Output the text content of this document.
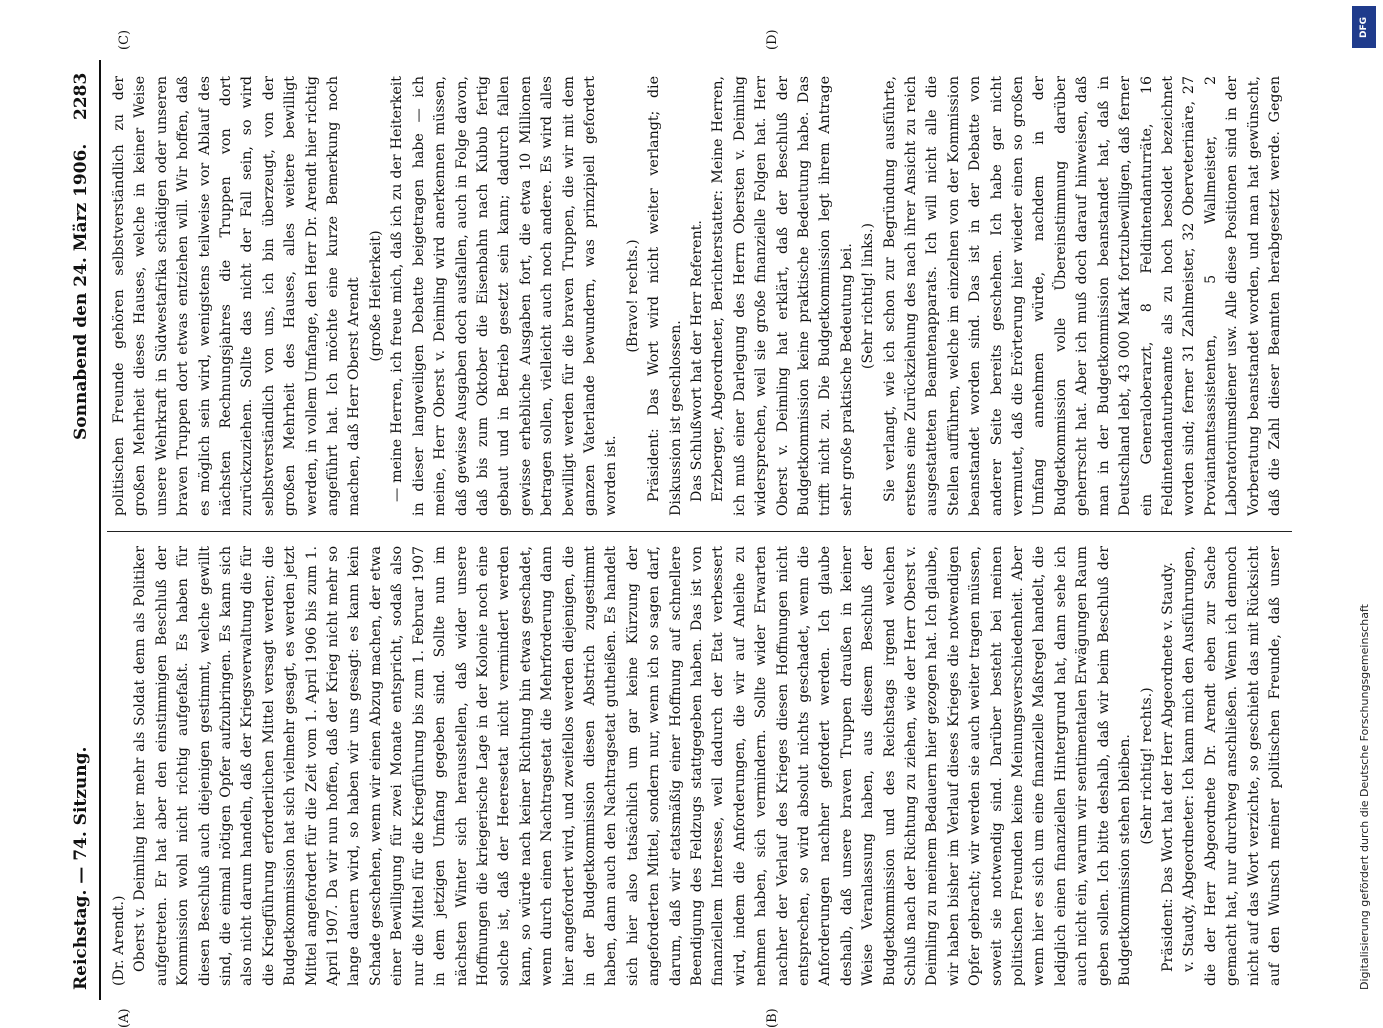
Reichstag. — 74. Sitzung.
Sonnabend den 24. März 1906.
2283
(A)	(B)
(C)	(D)

(Dr. Arendt.) Oberst v. Deimling hier mehr als Soldat denn als Politiker aufgetreten. Er hat aber den einstimmigen Beschluß der Kommission wohl nicht richtig aufgefaßt. Es haben für diesen Beschluß auch diejenigen gestimmt, welche gewillt sind, die einmal nötigen Opfer aufzubringen. Es kann sich also nicht darum handeln, daß der Kriegsverwaltung die für die Kriegführung erforderlichen Mittel versagt werden; die Budgetkommission hat sich vielmehr gesagt, es werden jetzt Mittel angefordert für die Zeit vom 1. April 1906 bis zum 1. April 1907. Da wir nun hoffen, daß der Krieg nicht mehr so lange dauern wird, so haben wir uns gesagt: es kann kein Schade geschehen, wenn wir einen Abzug machen, der etwa einer Bewilligung für zwei Monate entspricht, sodaß also nur die Mittel für die Kriegführung bis zum 1. Februar 1907 in dem jetzigen Umfang gegeben sind. Sollte nun im nächsten Winter sich herausstellen, daß wider unsere Hoffnungen die kriegerische Lage in der Kolonie noch eine solche ist, daß der Heeresetat nicht vermindert werden kann, so würde nach keiner Richtung hin etwas geschadet, wenn durch einen Nachtragsetat die Mehrforderung dann hier angefordert wird, und zweifellos werden diejenigen, die in der Budgetkommission diesen Abstrich zugestimmt haben, dann auch den Nachtragsetat gutheißen. Es handelt sich hier also tatsächlich um gar keine Kürzung der angeforderten Mittel, sondern nur, wenn ich so sagen darf, darum, daß wir etatsmäßig einer Hoffnung auf schnellere Beendigung des Feldzugs stattgegeben haben. Das ist von finanziellem Interesse, weil dadurch der Etat verbessert wird, indem die Anforderungen, die wir auf Anleihe zu nehmen haben, sich vermindern. Sollte wider Erwarten nachher der Verlauf des Krieges diesen Hoffnungen nicht entsprechen, so wird absolut nichts geschadet, wenn die Anforderungen nachher gefordert werden. Ich glaube deshalb, daß unsere braven Truppen draußen in keiner Weise Veranlassung haben, aus diesem Beschluß der Budgetkommission und des Reichstags irgend welchen Schluß nach der Richtung zu ziehen, wie der Herr Oberst v. Deimling zu meinem Bedauern hier gezogen hat. Ich glaube, wir haben bisher im Verlauf dieses Krieges die notwendigen Opfer gebracht; wir werden sie auch weiter tragen müssen, soweit sie notwendig sind. Darüber besteht bei meinen politischen Freunden keine Meinungsverschiedenheit. Aber wenn hier es sich um eine finanzielle Maßregel handelt, die lediglich einen finanziellen Hintergrund hat, dann sehe ich auch nicht ein, warum wir sentimentalen Erwägungen Raum geben sollen. Ich bitte deshalb, daß wir beim Beschluß der Budgetkommission stehen bleiben. (Sehr richtig! rechts.) Präsident: Das Wort hat der Herr Abgeordnete v. Staudy. v. Staudy, Abgeordneter: Ich kann mich den Ausführungen, die der Herr Abgeordnete Dr. Arendt eben zur Sache gemacht hat, nur durchweg anschließen. Wenn ich dennoch nicht auf das Wort verzichte, so geschieht das mit Rücksicht auf den Wunsch meiner politischen Freunde, daß unser

politischen Freunde gehören selbstverständlich zu der großen Mehrheit dieses Hauses, welche in keiner Weise unsere Wehrkraft in Südwestafrika schädigen oder unseren braven Truppen dort etwas entziehen will. Wir hoffen, daß es möglich sein wird, wenigstens teilweise vor Ablauf des nächsten Rechnungsjahres die Truppen von dort zurückzuziehen. Sollte das nicht der Fall sein, so wird selbstverständlich von uns, ich bin überzeugt, von der großen Mehrheit des Hauses, alles weitere bewilligt werden, in vollem Umfange, den Herr Dr. Arendt hier richtig angeführt hat. Ich möchte eine kurze Bemerkung noch machen, daß Herr Oberst Arendt (große Heiterkeit) — meine Herren, ich freue mich, daß ich zu der Heiterkeit in dieser langweiligen Debatte beigetragen habe — ich meine, Herr Oberst v. Deimling wird anerkennen müssen, daß gewisse Ausgaben doch ausfallen, auch in Folge davon, daß bis zum Oktober die Eisenbahn nach Kubub fertig gebaut und in Betrieb gesetzt sein kann; dadurch fallen gewisse erhebliche Ausgaben fort, die etwa 10 Millionen betragen sollen, vielleicht auch noch andere. Es wird alles bewilligt werden für die braven Truppen, die wir mit dem ganzen Vaterlande bewundern, was prinzipiell gefordert worden ist.

(Bravo! rechts.) Präsident: Das Wort wird nicht weiter verlangt; die Diskussion ist geschlossen. Das Schlußwort hat der Herr Referent. Erzberger, Abgeordneter, Berichterstatter: Meine Herren, ich muß einer Darlegung des Herrn Obersten v. Deimling widersprechen, weil sie große finanzielle Folgen hat. Herr Oberst v. Deimling hat erklärt, daß der Beschluß der Budgetkommission keine praktische Bedeutung habe. Das trifft nicht zu. Die Budgetkommission legt ihrem Antrage sehr große praktische Bedeutung bei. (Sehr richtig! links.)

Sie verlangt, wie ich schon zur Begründung ausführte, erstens eine Zurückziehung des nach ihrer Ansicht zu reich ausgestatteten Beamtenapparats. Ich will nicht alle die Stellen aufführen, welche im einzelnen von der Kommission beanstandet worden sind. Das ist in der Debatte von anderer Seite bereits geschehen. Ich habe gar nicht vermutet, daß die Erörterung hier wieder einen so großen Umfang annehmen würde, nachdem in der Budgetkommission volle Übereinstimmung darüber geherrscht hat. Aber ich muß doch darauf hinweisen, daß man in der Budgetkommission beanstandet hat, daß in Deutschland lebt, 43 000 Mark fortzubewilligen, daß ferner ein Generaloberarzt, 8 Feldintendanturräte, 16 Feldintendanturbeamte als zu hoch besoldet bezeichnet worden sind; ferner 31 Zahlmeister, 32 Oberveterinäre, 27 Proviantamtsassistenten, 5 Wallmeister, 2 Laboratoriumsdiener usw. Alle diese Positionen sind in der Vorberatung beanstandet worden, und man hat gewünscht, daß die Zahl dieser Beamten herabgesetzt werde. Gegen

DFG
Digitalisierung gefördert durch die Deutsche Forschungsgemeinschaft
